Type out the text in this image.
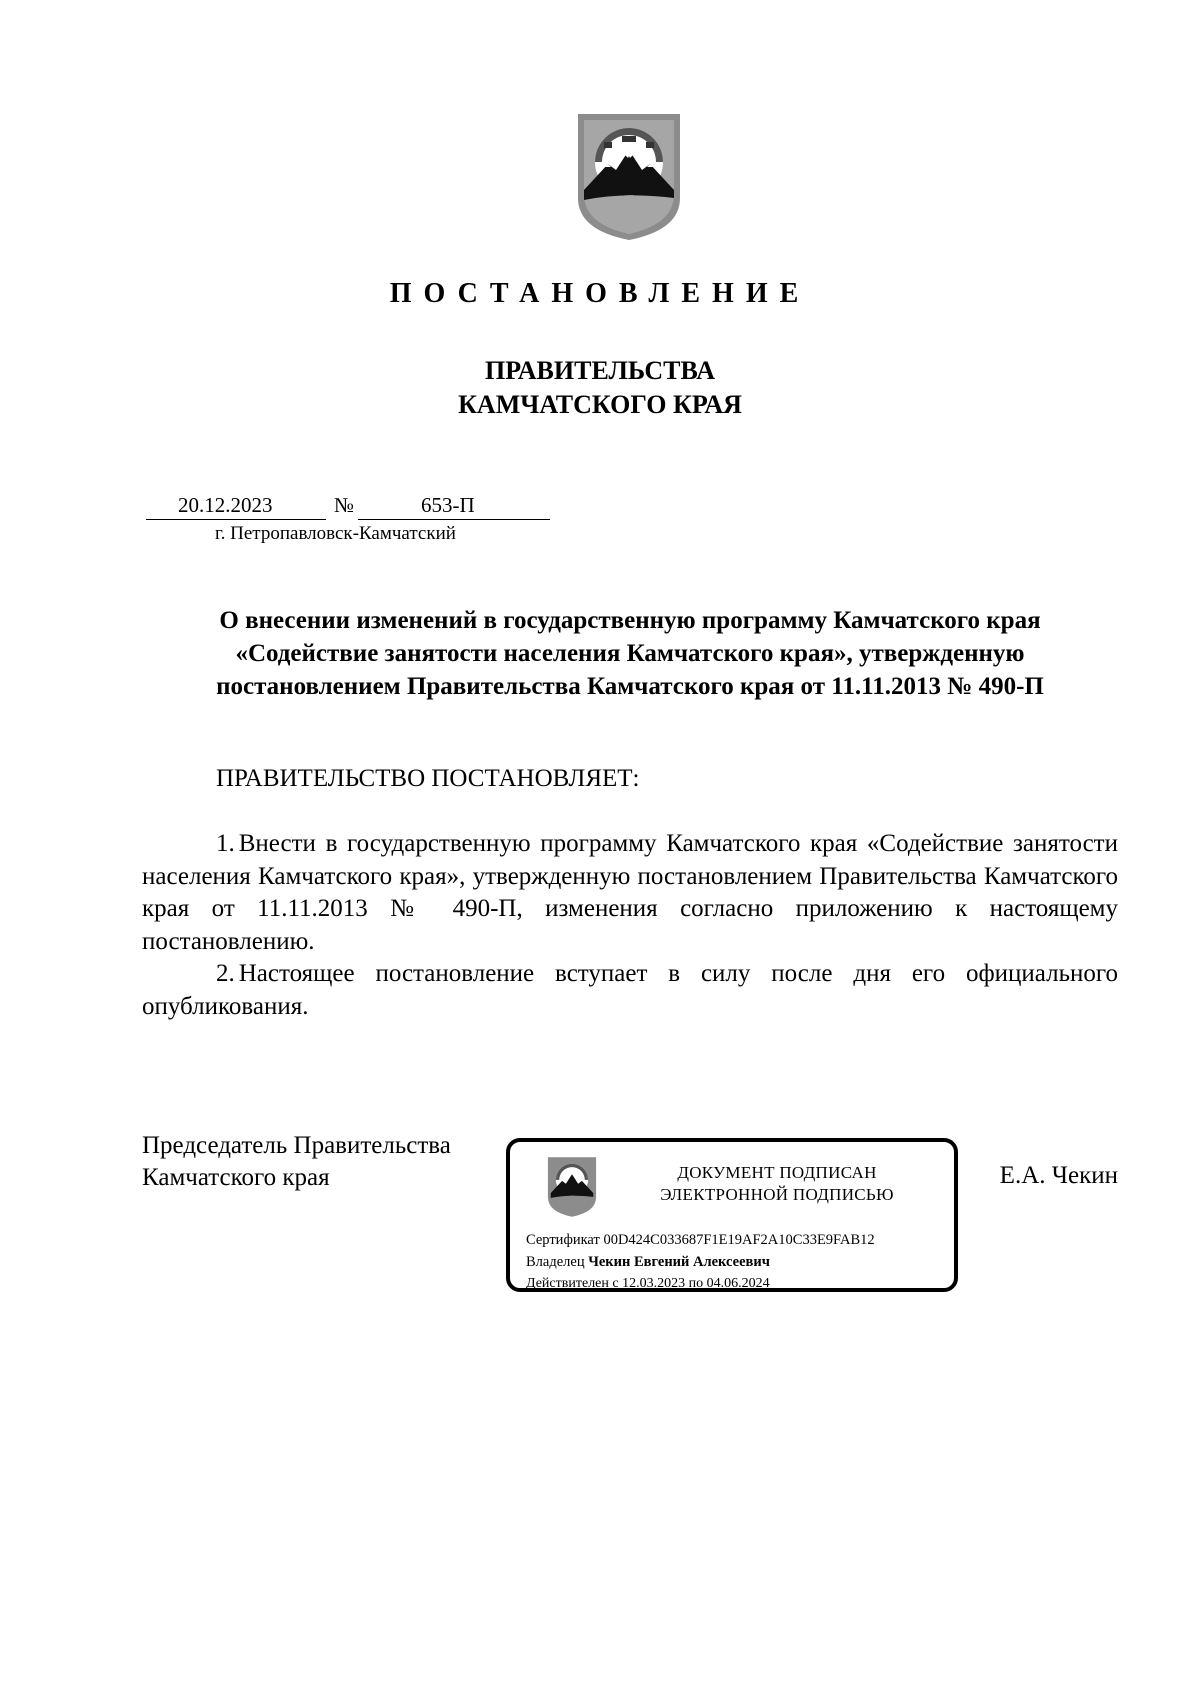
ПОСТАНОВЛЕНИЕ
ПРАВИТЕЛЬСТВА
КАМЧАТСКОГО КРАЯ
20.12.2023	№	653-П
г. Петропавловск-Камчатский
О внесении изменений в государственную программу Камчатского края
«Содействие занятости населения Камчатского края», утвержденную
постановлением Правительства Камчатского края от 11.11.2013 № 490-П
ПРАВИТЕЛЬСТВО ПОСТАНОВЛЯЕТ:

1. Внести в государственную программу Камчатского края «Содействие занятости населения Камчатского края», утвержденную постановлением Правительства Камчатского края от 11.11.2013 № 490-П, изменения согласно приложению к настоящему постановлению.

2. Настоящее постановление вступает в силу после дня его официального опубликования.

Председатель Правительства
Камчатского края	ДОКУМЕНТ ПОДПИСАН
ЭЛЕКТРОННОЙ ПОДПИСЬЮ
Сертификат 00D424C033687F1E19AF2A10C33E9FAB12
Владелец Чекин Евгений Алексеевич
Действителен с 12.03.2023 по 04.06.2024
Е.А. Чекин
